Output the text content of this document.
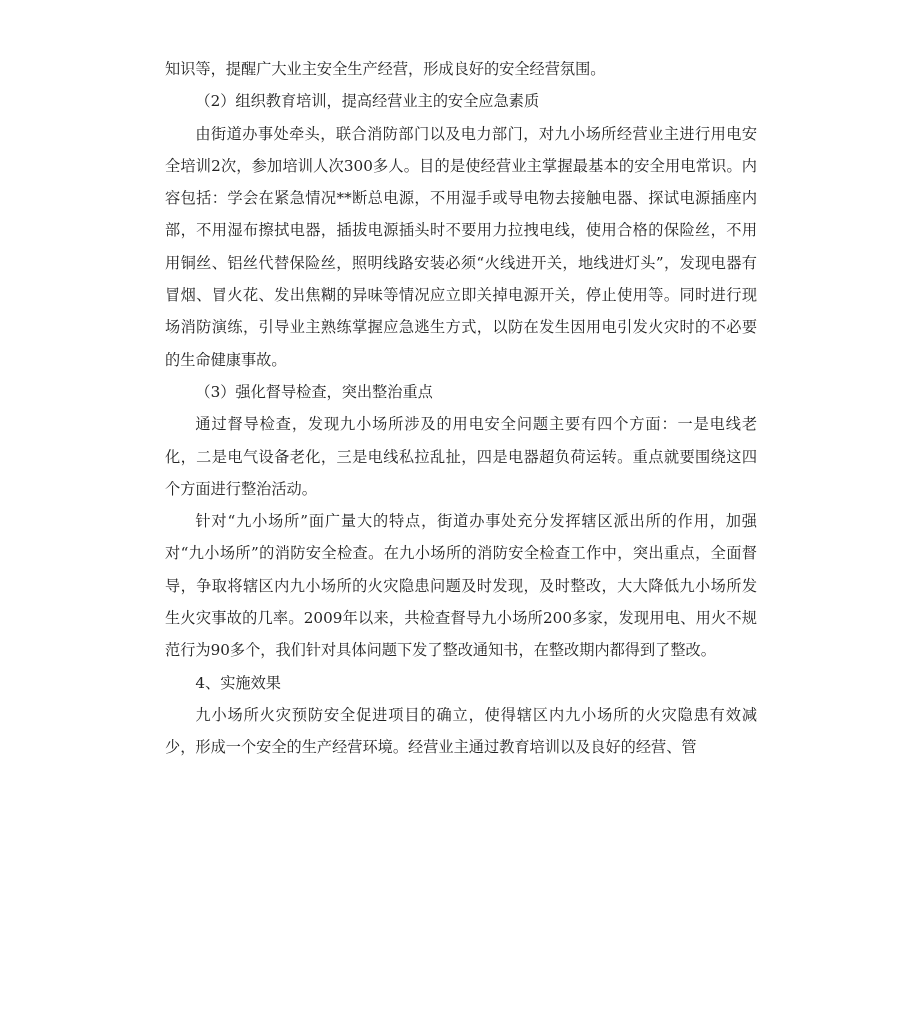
知识等，提醒广大业主安全生产经营，形成良好的安全经营氛围。

（2）组织教育培训，提高经营业主的安全应急素质

由街道办事处牵头，联合消防部门以及电力部门，对九小场所经营业主进行用电安全培训2次，参加培训人次300多人。目的是使经营业主掌握最基本的安全用电常识。内容包括：学会在紧急情况**断总电源，不用湿手或导电物去接触电器、探试电源插座内部，不用湿布擦拭电器，插拔电源插头时不要用力拉拽电线，使用合格的保险丝，不用用铜丝、铝丝代替保险丝，照明线路安装必须“火线进开关，地线进灯头”，发现电器有冒烟、冒火花、发出焦糊的异味等情况应立即关掉电源开关，停止使用等。同时进行现场消防演练，引导业主熟练掌握应急逃生方式，以防在发生因用电引发火灾时的不必要的生命健康事故。

（3）强化督导检查，突出整治重点

通过督导检查，发现九小场所涉及的用电安全问题主要有四个方面：一是电线老化，二是电气设备老化，三是电线私拉乱扯，四是电器超负荷运转。重点就要围绕这四个方面进行整治活动。

针对“九小场所”面广量大的特点，街道办事处充分发挥辖区派出所的作用，加强对“九小场所”的消防安全检查。在九小场所的消防安全检查工作中，突出重点，全面督导，争取将辖区内九小场所的火灾隐患问题及时发现，及时整改，大大降低九小场所发生火灾事故的几率。2009年以来，共检查督导九小场所200多家，发现用电、用火不规范行为90多个，我们针对具体问题下发了整改通知书，在整改期内都得到了整改。

4、实施效果

九小场所火灾预防安全促进项目的确立，使得辖区内九小场所的火灾隐患有效减少，形成一个安全的生产经营环境。经营业主通过教育培训以及良好的经营、管
